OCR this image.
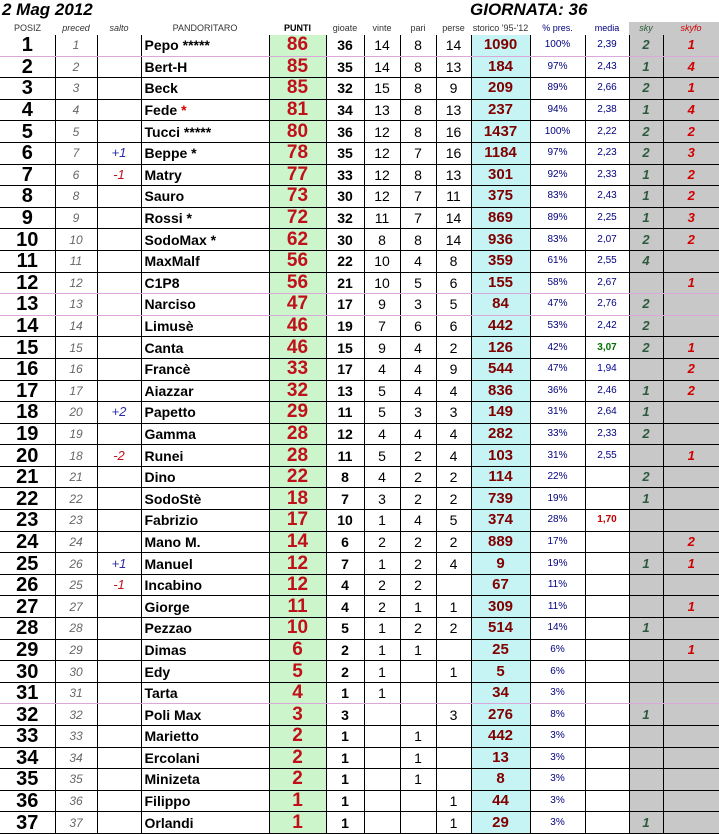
2 Mag 2012	GIORNATA: 36
POSIZ	preced	salto	PANDORITARO	PUNTI	gioate	vinte	pari	perse	storico '95-'12	% pres.	media	sky	skyfo
1	1		Pepo *****	86	36	14	8	14	1090	100%	2,39	2	1
2	2		Bert-H	85	35	14	8	13	184	97%	2,43	1	4
3	3		Beck	85	32	15	8	9	209	89%	2,66	2	1
4	4		Fede *	81	34	13	8	13	237	94%	2,38	1	4
5	5		Tucci *****	80	36	12	8	16	1437	100%	2,22	2	2
6	7	+1	Beppe *	78	35	12	7	16	1184	97%	2,23	2	3
7	6	-1	Matry	77	33	12	8	13	301	92%	2,33	1	2
8	8		Sauro	73	30	12	7	11	375	83%	2,43	1	2
9	9		Rossi *	72	32	11	7	14	869	89%	2,25	1	3
10	10		SodoMax *	62	30	8	8	14	936	83%	2,07	2	2
11	11		MaxMalf	56	22	10	4	8	359	61%	2,55	4	
12	12		C1P8	56	21	10	5	6	155	58%	2,67		1
13	13		Narciso	47	17	9	3	5	84	47%	2,76	2	
14	14		Limusè	46	19	7	6	6	442	53%	2,42	2	
15	15		Canta	46	15	9	4	2	126	42%	3,07	2	1
16	16		Francè	33	17	4	4	9	544	47%	1,94		2
17	17		Aiazzar	32	13	5	4	4	836	36%	2,46	1	2
18	20	+2	Papetto	29	11	5	3	3	149	31%	2,64	1	
19	19		Gamma	28	12	4	4	4	282	33%	2,33	2	
20	18	-2	Runei	28	11	5	2	4	103	31%	2,55		1
21	21		Dino	22	8	4	2	2	114	22%		2	
22	22		SodoStè	18	7	3	2	2	739	19%		1	
23	23		Fabrizio	17	10	1	4	5	374	28%	1,70		
24	24		Mano M.	14	6	2	2	2	889	17%			2
25	26	+1	Manuel	12	7	1	2	4	9	19%		1	1
26	25	-1	Incabino	12	4	2	2		67	11%			
27	27		Giorge	11	4	2	1	1	309	11%			1
28	28		Pezzao	10	5	1	2	2	514	14%		1	
29	29		Dimas	6	2	1	1		25	6%			1
30	30		Edy	5	2	1		1	5	6%			
31	31		Tarta	4	1	1			34	3%			
32	32		Poli Max	3	3			3	276	8%		1	
33	33		Marietto	2	1		1		442	3%			
34	34		Ercolani	2	1		1		13	3%			
35	35		Minizeta	2	1		1		8	3%			
36	36		Filippo	1	1			1	44	3%			
37	37		Orlandi	1	1			1	29	3%		1	
